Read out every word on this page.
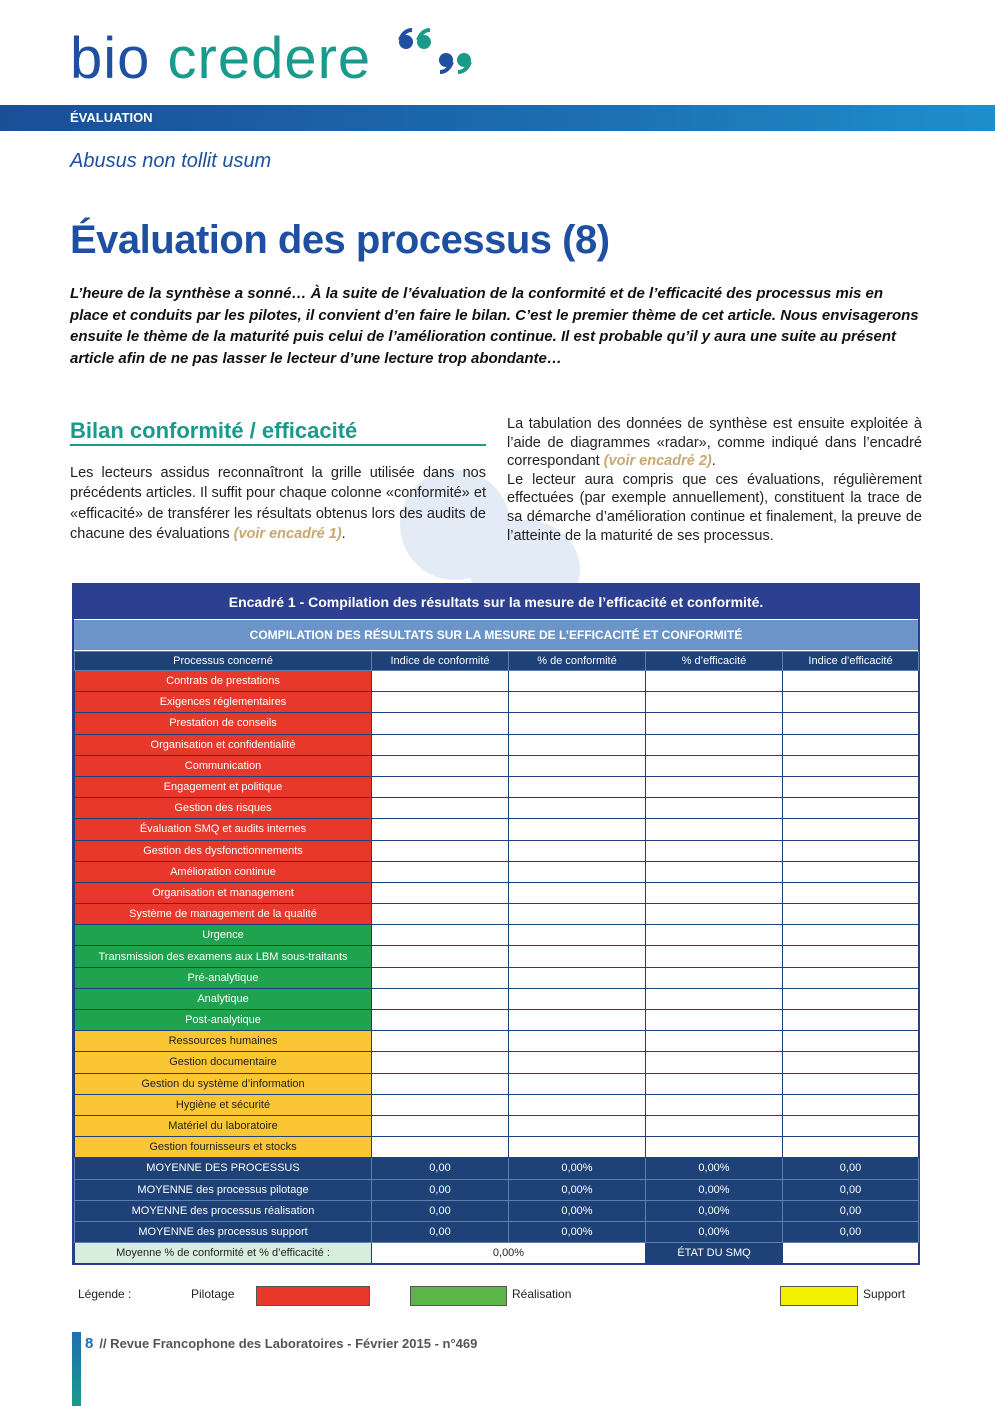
bio credere
ÉVALUATION
Abusus non tollit usum
Évaluation des processus (8)
L’heure de la synthèse a sonné… À la suite de l’évaluation de la conformité et de l’efficacité des processus mis en place et conduits par les pilotes, il convient d’en faire le bilan. C’est le premier thème de cet article. Nous envisagerons ensuite le thème de la maturité puis celui de l’amélioration continue. Il est probable qu’il y aura une suite au présent article afin de ne pas lasser le lecteur d’une lecture trop abondante…
Bilan conformité / efficacité
Les lecteurs assidus reconnaîtront la grille utilisée dans nos précédents articles. Il suffit pour chaque colonne «conformité» et «efficacité» de transférer les résultats obtenus lors des audits de chacune des évaluations (voir encadré 1).
La tabulation des données de synthèse est ensuite exploitée à l’aide de diagrammes «radar», comme indiqué dans l’encadré correspondant (voir encadré 2).
Le lecteur aura compris que ces évaluations, régulièrement effectuées (par exemple annuellement), constituent la trace de sa démarche d’amélioration continue et finalement, la preuve de l’atteinte de la maturité de ses processus.
Encadré 1 - Compilation des résultats sur la mesure de l’efficacité et conformité.
COMPILATION DES RÉSULTATS SUR LA MESURE DE L’EFFICACITÉ ET CONFORMITÉ
Processus concerné	Indice de conformité	% de conformité	% d’efficacité	Indice d’efficacité
Contrats de prestations				
Exigences réglementaires				
Prestation de conseils				
Organisation et confidentialité				
Communication				
Engagement et politique				
Gestion des risques				
Évaluation SMQ et audits internes				
Gestion des dysfonctionnements				
Amélioration continue				
Organisation et management				
Système de management de la qualité				
Urgence				
Transmission des examens aux LBM sous-traitants				
Pré-analytique				
Analytique				
Post-analytique				
Ressources humaines				
Gestion documentaire				
Gestion du système d’information				
Hygiène et sécurité				
Matériel du laboratoire				
Gestion fournisseurs et stocks				
MOYENNE DES PROCESSUS	0,00	0,00%	0,00%	0,00
MOYENNE des processus pilotage	0,00	0,00%	0,00%	0,00
MOYENNE des processus réalisation	0,00	0,00%	0,00%	0,00
MOYENNE des processus support	0,00	0,00%	0,00%	0,00
Moyenne % de conformité et % d’efficacité :	0,00%		ÉTAT DU SMQ	
Légende :	Pilotage	Réalisation	Support
8 // Revue Francophone des Laboratoires - Février 2015 - n°469
